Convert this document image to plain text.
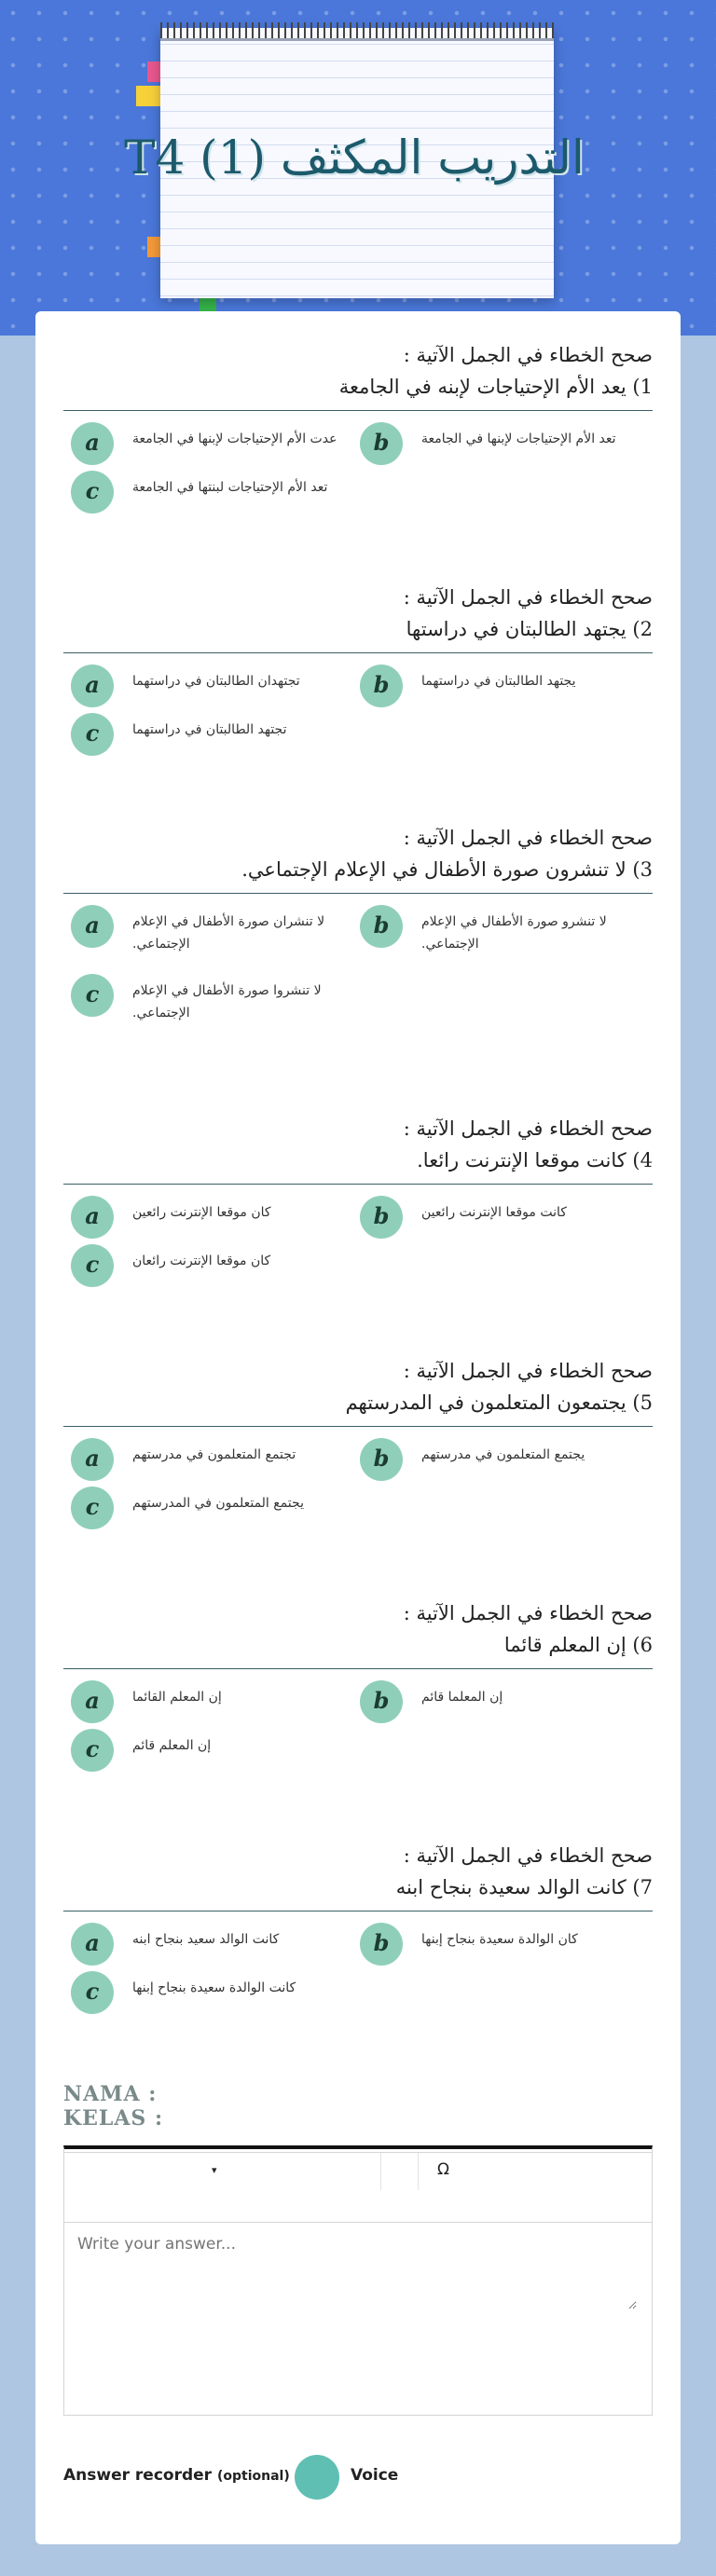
التدريب المكثف (1) T4
صحح الخطاء في الجمل الآتية :
1) يعد الأم الإحتياجات لإبنه في الجامعة
a	عدت الأم الإحتياجات لإبنها في الجامعة	b	تعد الأم الإحتياجات لإبنها في الجامعة
c	تعد الأم الإحتياجات لبنتها في الجامعة
صحح الخطاء في الجمل الآتية :
2) يجتهد الطالبتان في دراستها
a	تجتهدان الطالبتان في دراستهما	b	يجتهد الطالبتان في دراستهما
c	تجتهد الطالبتان في دراستهما
صحح الخطاء في الجمل الآتية :
3) لا تنشرون صورة الأطفال في الإعلام الإجتماعي.
a	لا تنشران صورة الأطفال في الإعلام الإجتماعي.
b	لا تنشرو صورة الأطفال في الإعلام الإجتماعي.
c	لا تنشروا صورة الأطفال في الإعلام الإجتماعي.
صحح الخطاء في الجمل الآتية :
4) كانت موقعا الإنترنت رائعا.
a	كان موقعا الإنترنت رائعين	b	كانت موقعا الإنترنت رائعين
c	كان موقعا الإنترنت رائعان
صحح الخطاء في الجمل الآتية :
5) يجتمعون المتعلمون في المدرستهم
a	تجتمع المتعلمون في مدرستهم	b	يجتمع المتعلمون في مدرستهم
c	يجتمع المتعلمون في المدرستهم
صحح الخطاء في الجمل الآتية :
6) إن المعلم قائما
a	إن المعلم القائما	b	إن المعلما قائم
c	إن المعلم قائم
صحح الخطاء في الجمل الآتية :
7) كانت الوالد سعيدة بنجاح ابنه
a	كانت الوالد سعيد بنجاح ابنه	b	كان الوالدة سعيدة بنجاح إبنها
c	كانت الوالدة سعيدة بنجاح إبنها
NAMA :
KELAS :
▾	Ω
Write your answer...
Answer recorder (optional)	Voice
